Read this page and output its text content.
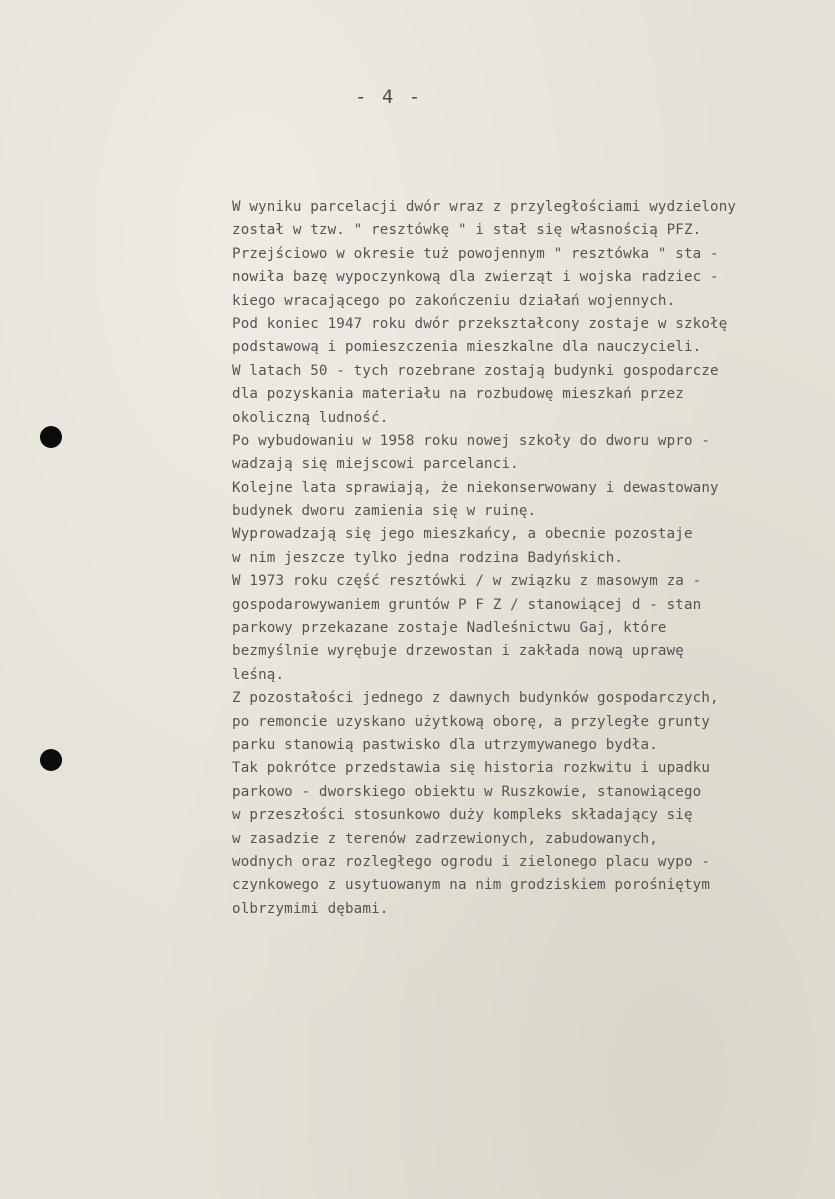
- 4 -
W wyniku parcelacji dwór wraz z przyległościami wydzielony
został w tzw. " resztówkę " i stał się własnością PFZ.
Przejściowo w okresie tuż powojennym " resztówka " sta -
nowiła bazę wypoczynkową dla zwierząt i wojska radziec -
kiego wracającego po zakończeniu działań wojennych.
Pod koniec 1947 roku dwór przekształcony zostaje w szkołę
podstawową i pomieszczenia mieszkalne dla nauczycieli.
W latach 50 - tych rozebrane zostają budynki gospodarcze
dla pozyskania materiału na rozbudowę mieszkań przez
okoliczną ludność.
Po wybudowaniu w 1958 roku nowej szkoły do dworu wpro -
wadzają się miejscowi parcelanci.
Kolejne lata sprawiają, że niekonserwowany i dewastowany
budynek dworu zamienia się w ruinę.
Wyprowadzają się jego mieszkańcy, a obecnie pozostaje
w nim jeszcze tylko jedna rodzina Badyńskich.
W 1973 roku część resztówki / w związku z masowym za -
gospodarowywaniem gruntów P F Z / stanowiącej d - stan
parkowy przekazane zostaje Nadleśnictwu Gaj, które
bezmyślnie wyrębuje drzewostan i zakłada nową uprawę
leśną.
Z pozostałości jednego z dawnych budynków gospodarczych,
po remoncie uzyskano użytkową oborę, a przyległe grunty
parku stanowią pastwisko dla utrzymywanego bydła.
Tak pokrótce przedstawia się historia rozkwitu i upadku
parkowo - dworskiego obiektu w Ruszkowie, stanowiącego
w przeszłości stosunkowo duży kompleks składający się
w zasadzie z terenów zadrzewionych, zabudowanych,
wodnych oraz rozległego ogrodu i zielonego placu wypo -
czynkowego z usytuowanym na nim grodziskiem porośniętym
olbrzymimi dębami.
